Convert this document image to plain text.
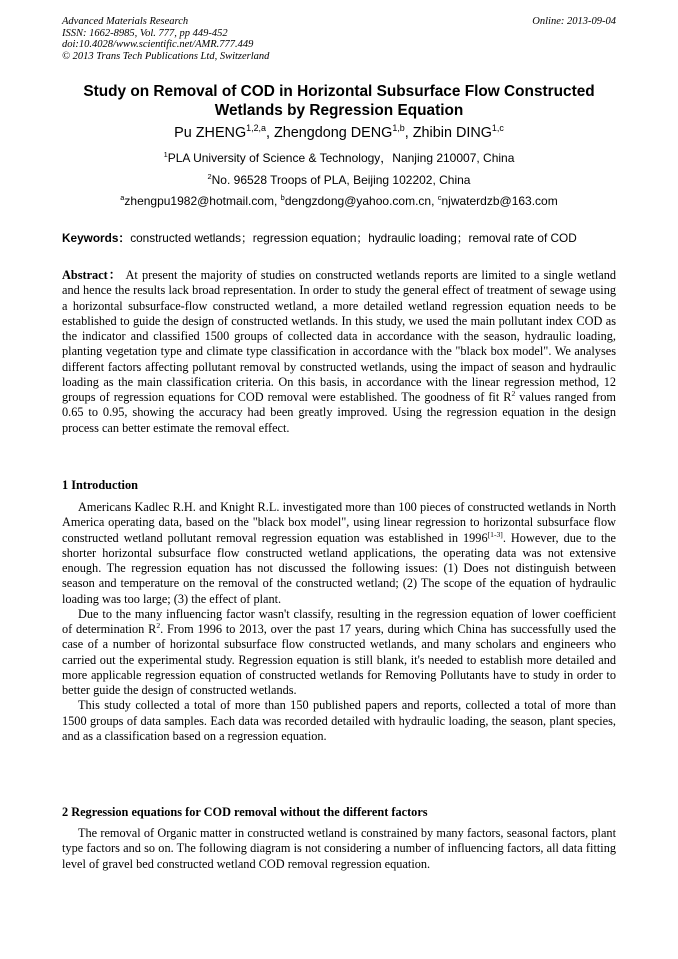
Advanced Materials Research
ISSN: 1662-8985, Vol. 777, pp 449-452
doi:10.4028/www.scientific.net/AMR.777.449
© 2013 Trans Tech Publications Ltd, Switzerland
Online: 2013-09-04
Study on Removal of COD in Horizontal Subsurface Flow Constructed
Wetlands by Regression Equation
Pu ZHENG$^{1,2,a}$, Zhengdong DENG$^{1,b}$, Zhibin DING$^{1,c}$
$^1$PLA University of Science & Technology，Nanjing 210007, China
$^2$No. 96528 Troops of PLA, Beijing 102202, China
$^a$zhengpu1982@hotmail.com, $^b$dengzdong@yahoo.com.cn, $^c$njwaterdzb@163.com
Keywords：constructed wetlands；regression equation；hydraulic loading；removal rate of COD

Abstract： At present the majority of studies on constructed wetlands reports are limited to a single wetland and hence the results lack broad representation. In order to study the general effect of treatment of sewage using a horizontal subsurface-flow constructed wetland, a more detailed wetland regression equation needs to be established to guide the design of constructed wetlands. In this study, we used the main pollutant index COD as the indicator and classified 1500 groups of collected data in accordance with the season, hydraulic loading, planting vegetation type and climate type classification in accordance with the "black box model". We analyses different factors affecting pollutant removal by constructed wetlands, using the impact of season and hydraulic loading as the main classification criteria. On this basis, in accordance with the linear regression method, 12 groups of regression equations for COD removal were established. The goodness of fit $R^2$ values ranged from 0.65 to 0.95, showing the accuracy had been greatly improved. Using the regression equation in the design process can better estimate the removal effect.

1 Introduction

Americans Kadlec R.H. and Knight R.L. investigated more than 100 pieces of constructed wetlands in North America operating data, based on the "black box model", using linear regression to horizontal subsurface flow constructed wetland pollutant removal regression equation was established in 1996[1-3]. However, due to the shorter horizontal subsurface flow constructed wetland applications, the operating data was not extensive enough. The regression equation has not discussed the following issues: (1) Does not distinguish between season and temperature on the removal of the constructed wetland; (2) The scope of the equation of hydraulic loading was too large; (3) the effect of plant.

Due to the many influencing factor wasn't classify, resulting in the regression equation of lower coefficient of determination $R^2$. From 1996 to 2013, over the past 17 years, during which China has successfully used the case of a number of horizontal subsurface flow constructed wetlands, and many scholars and engineers who carried out the experimental study. Regression equation is still blank, it's needed to establish more detailed and more applicable regression equation of constructed wetlands for Removing Pollutants have to study in order to better guide the design of constructed wetlands.

This study collected a total of more than 150 published papers and reports, collected a total of more than 1500 groups of data samples. Each data was recorded detailed with hydraulic loading, the season, plant species, and as a classification based on a regression equation.

2 Regression equations for COD removal without the different factors

The removal of Organic matter in constructed wetland is constrained by many factors, seasonal factors, plant type factors and so on. The following diagram is not considering a number of influencing factors, all data fitting level of gravel bed constructed wetland COD removal regression equation.
